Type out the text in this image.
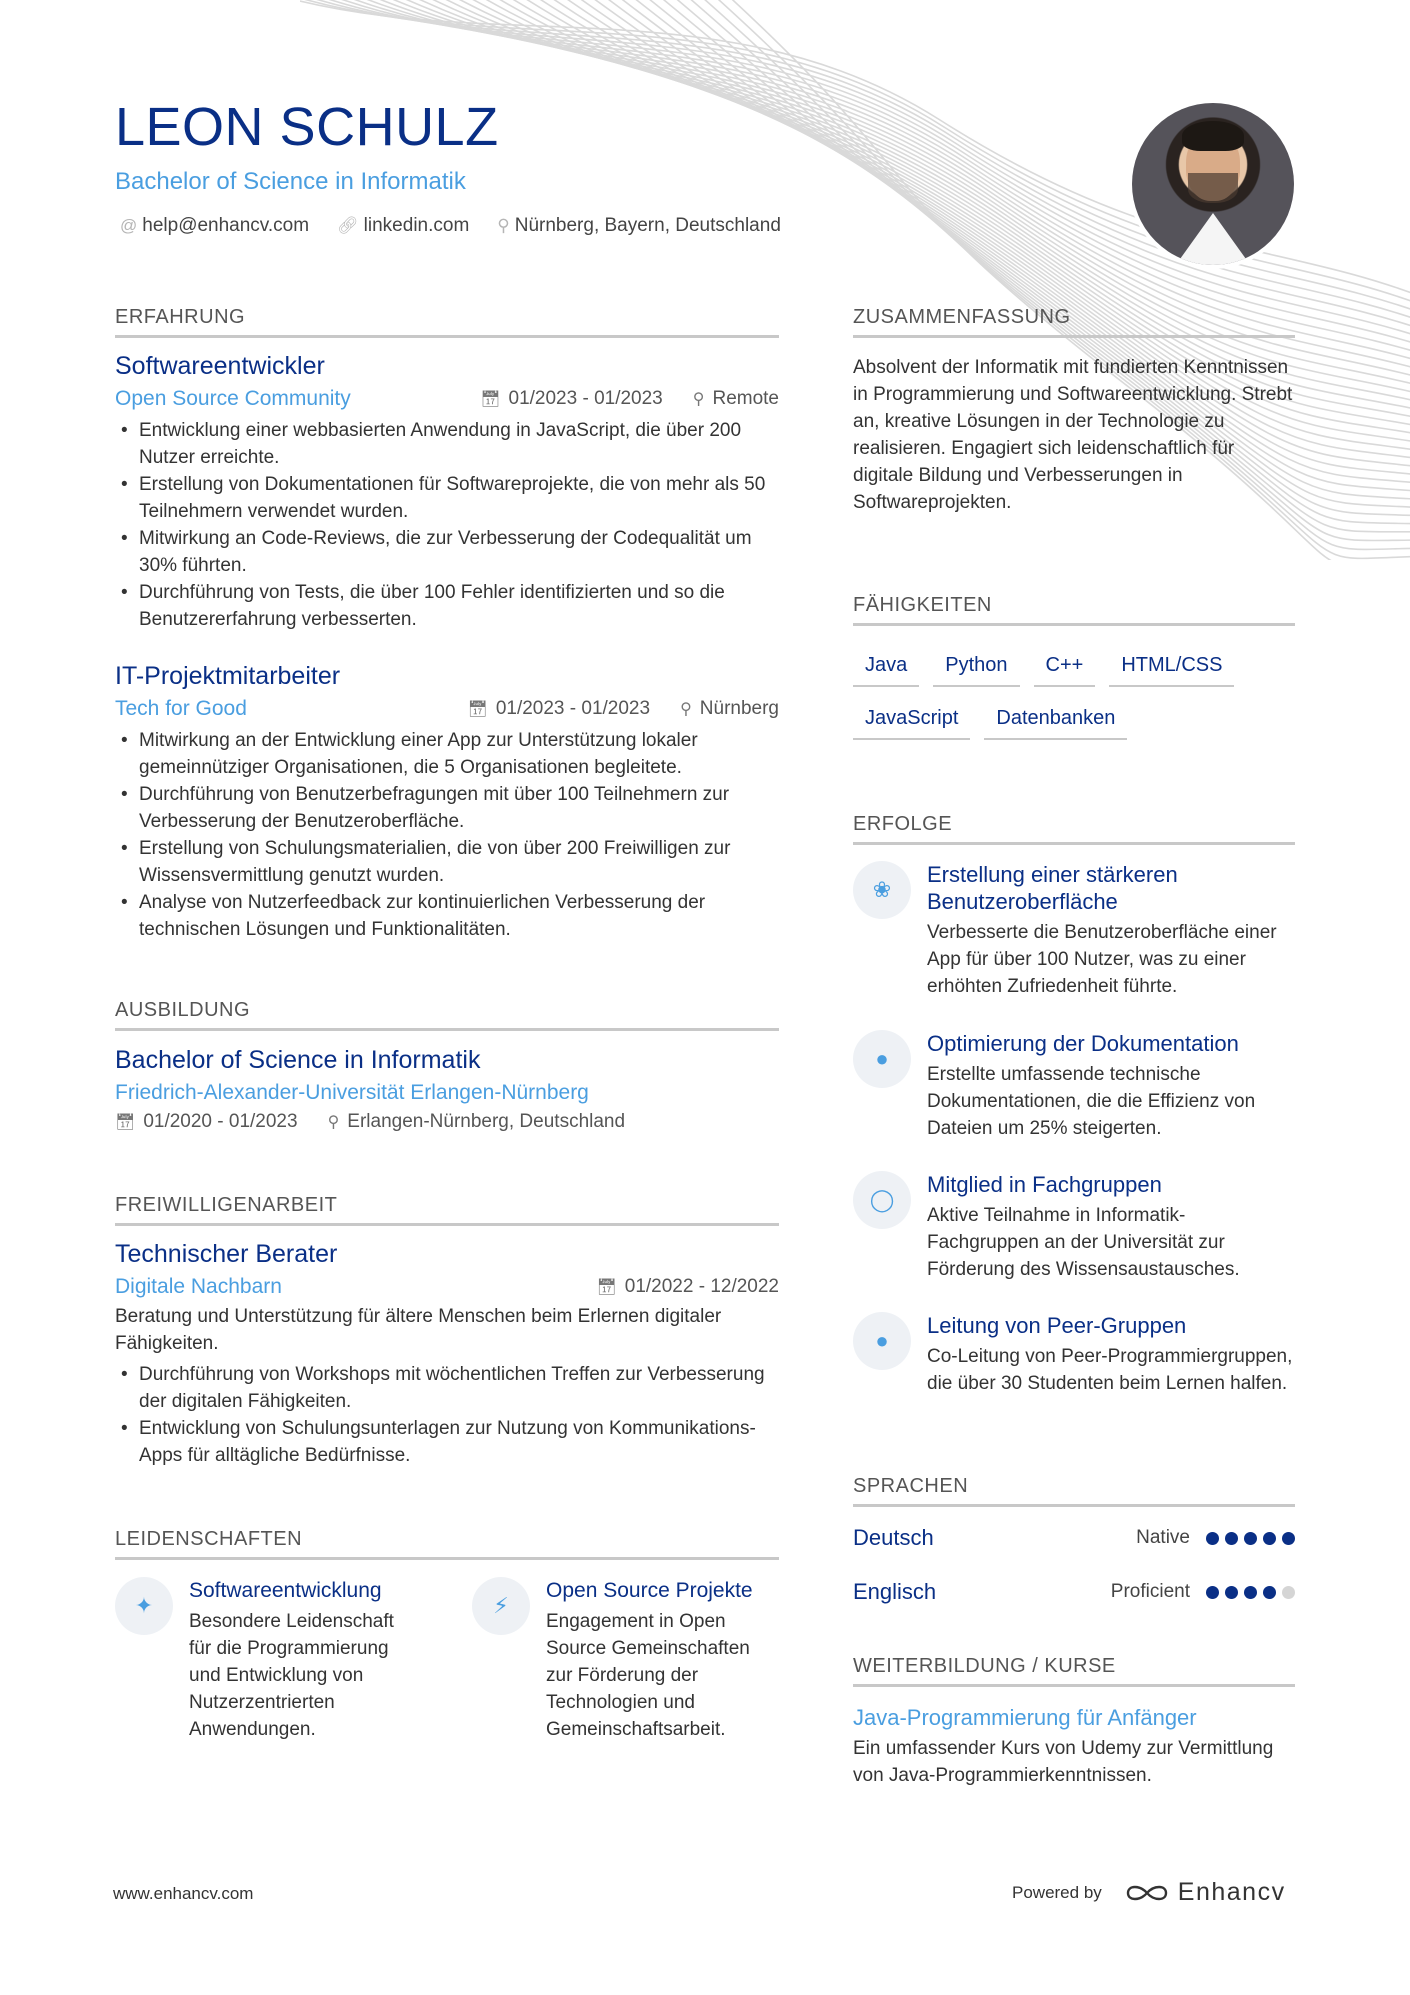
LEON SCHULZ
Bachelor of Science in Informatik
@ help@enhancv.com 🔗︎ linkedin.com ⚲ Nürnberg, Bayern, Deutschland
ERFAHRUNG
Softwareentwickler
Open Source Community	📅︎ 01/2023 - 01/2023 ⚲ Remote
• Entwicklung einer webbasierten Anwendung in JavaScript, die über 200 Nutzer erreichte.
• Erstellung von Dokumentationen für Softwareprojekte, die von mehr als 50 Teilnehmern verwendet wurden.
• Mitwirkung an Code-Reviews, die zur Verbesserung der Codequalität um 30% führten.
• Durchführung von Tests, die über 100 Fehler identifizierten und so die Benutzererfahrung verbesserten.
IT-Projektmitarbeiter
Tech for Good	📅︎ 01/2023 - 01/2023 ⚲ Nürnberg
• Mitwirkung an der Entwicklung einer App zur Unterstützung lokaler gemeinnütziger Organisationen, die 5 Organisationen begleitete.
• Durchführung von Benutzerbefragungen mit über 100 Teilnehmern zur Verbesserung der Benutzeroberfläche.
• Erstellung von Schulungsmaterialien, die von über 200 Freiwilligen zur Wissensvermittlung genutzt wurden.
• Analyse von Nutzerfeedback zur kontinuierlichen Verbesserung der technischen Lösungen und Funktionalitäten.
AUSBILDUNG
Bachelor of Science in Informatik
Friedrich-Alexander-Universität Erlangen-Nürnberg
📅︎ 01/2020 - 01/2023 ⚲ Erlangen-Nürnberg, Deutschland
FREIWILLIGENARBEIT
Technischer Berater
Digitale Nachbarn	📅︎ 01/2022 - 12/2022
Beratung und Unterstützung für ältere Menschen beim Erlernen digitaler Fähigkeiten.
• Durchführung von Workshops mit wöchentlichen Treffen zur Verbesserung der digitalen Fähigkeiten.
• Entwicklung von Schulungsunterlagen zur Nutzung von Kommunikations-Apps für alltägliche Bedürfnisse.
LEIDENSCHAFTEN
✦
Softwareentwicklung
Besondere Leidenschaft für die Programmierung und Entwicklung von Nutzerzentrierten Anwendungen.
⚡︎
Open Source Projekte
Engagement in Open Source Gemeinschaften zur Förderung der Technologien und Gemeinschaftsarbeit.
ZUSAMMENFASSUNG
Absolvent der Informatik mit fundierten Kenntnissen in Programmierung und Softwareentwicklung. Strebt an, kreative Lösungen in der Technologie zu realisieren. Engagiert sich leidenschaftlich für digitale Bildung und Verbesserungen in Softwareprojekten.
FÄHIGKEITEN
Java	Python	C++	HTML/CSS
JavaScript	Datenbanken
ERFOLGE
❀
Erstellung einer stärkeren Benutzeroberfläche
Verbesserte die Benutzeroberfläche einer App für über 100 Nutzer, was zu einer erhöhten Zufriedenheit führte.
●
Optimierung der Dokumentation
Erstellte umfassende technische Dokumentationen, die die Effizienz von Dateien um 25% steigerten.
◯
Mitglied in Fachgruppen
Aktive Teilnahme in Informatik-Fachgruppen an der Universität zur Förderung des Wissensaustausches.
●
Leitung von Peer-Gruppen
Co-Leitung von Peer-Programmiergruppen, die über 30 Studenten beim Lernen halfen.
SPRACHEN
Deutsch	Native
Englisch	Proficient
WEITERBILDUNG / KURSE
Java-Programmierung für Anfänger
Ein umfassender Kurs von Udemy zur Vermittlung von Java-Programmierkenntnissen.
www.enhancv.com	Powered by	Enhancv
